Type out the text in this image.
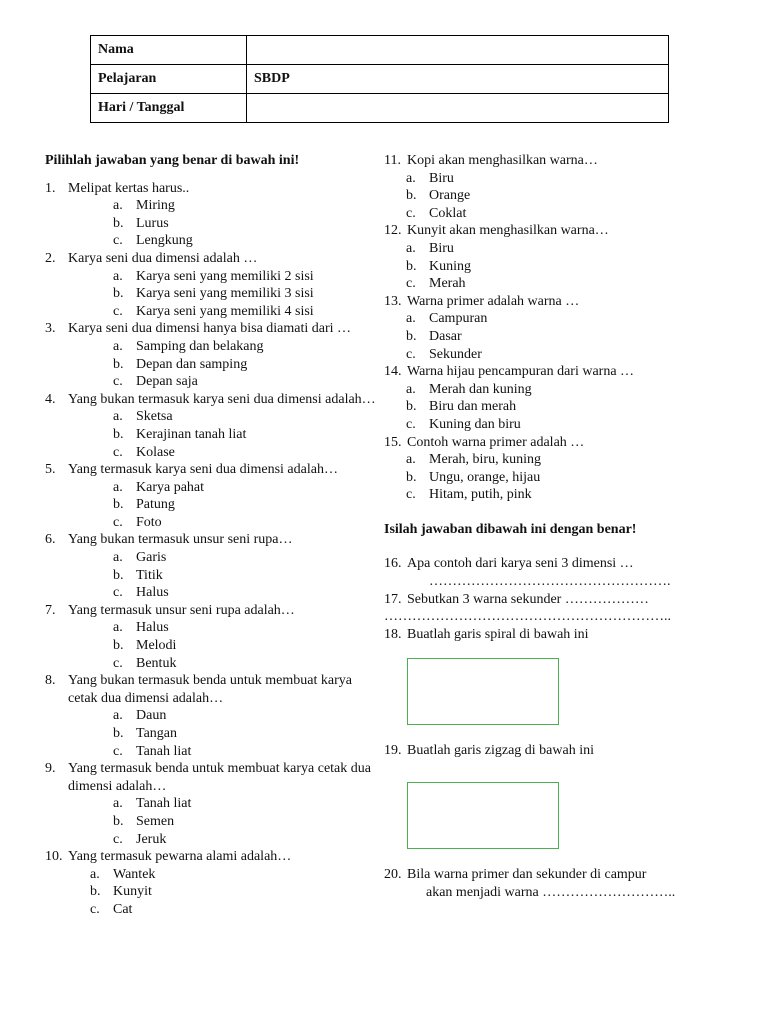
Nama	
Pelajaran	SBDP
Hari / Tanggal	
Pilihlah jawaban yang benar di bawah ini!
1. Melipat kertas harus..
a. Miring
b. Lurus
c. Lengkung
2. Karya seni dua dimensi adalah …
a. Karya seni yang memiliki 2 sisi
b. Karya seni yang memiliki 3 sisi
c. Karya seni yang memiliki 4 sisi
3. Karya seni dua dimensi hanya bisa diamati dari …
a. Samping dan belakang
b. Depan dan samping
c. Depan saja
4. Yang bukan termasuk karya seni dua dimensi adalah…
a. Sketsa
b. Kerajinan tanah liat
c. Kolase
5. Yang termasuk karya seni dua dimensi adalah…
a. Karya pahat
b. Patung
c. Foto
6. Yang bukan termasuk unsur seni rupa…
a. Garis
b. Titik
c. Halus
7. Yang termasuk unsur seni rupa adalah…
a. Halus
b. Melodi
c. Bentuk
8. Yang bukan termasuk benda untuk membuat karya cetak dua dimensi adalah…
a. Daun
b. Tangan
c. Tanah liat
9. Yang termasuk benda untuk membuat karya cetak dua dimensi adalah…
a. Tanah liat
b. Semen
c. Jeruk
10. Yang termasuk pewarna alami adalah…
a. Wantek
b. Kunyit
c. Cat
11. Kopi akan menghasilkan warna…
a. Biru
b. Orange
c. Coklat
12. Kunyit akan menghasilkan warna…
a. Biru
b. Kuning
c. Merah
13. Warna primer adalah warna …
a. Campuran
b. Dasar
c. Sekunder
14. Warna hijau pencampuran dari warna …
a. Merah dan kuning
b. Biru dan merah
c. Kuning dan biru
15. Contoh warna primer adalah …
a. Merah, biru, kuning
b. Ungu, orange, hijau
c. Hitam, putih, pink
Isilah jawaban dibawah ini dengan benar!
16. Apa contoh dari karya seni 3 dimensi …
…………………………………………….
17. Sebutkan 3 warna sekunder ………………
……………………………………………………..
18. Buatlah garis spiral di bawah ini
19. Buatlah garis zigzag di bawah ini
20. Bila warna primer dan sekunder di campur
akan menjadi warna ………………………..
